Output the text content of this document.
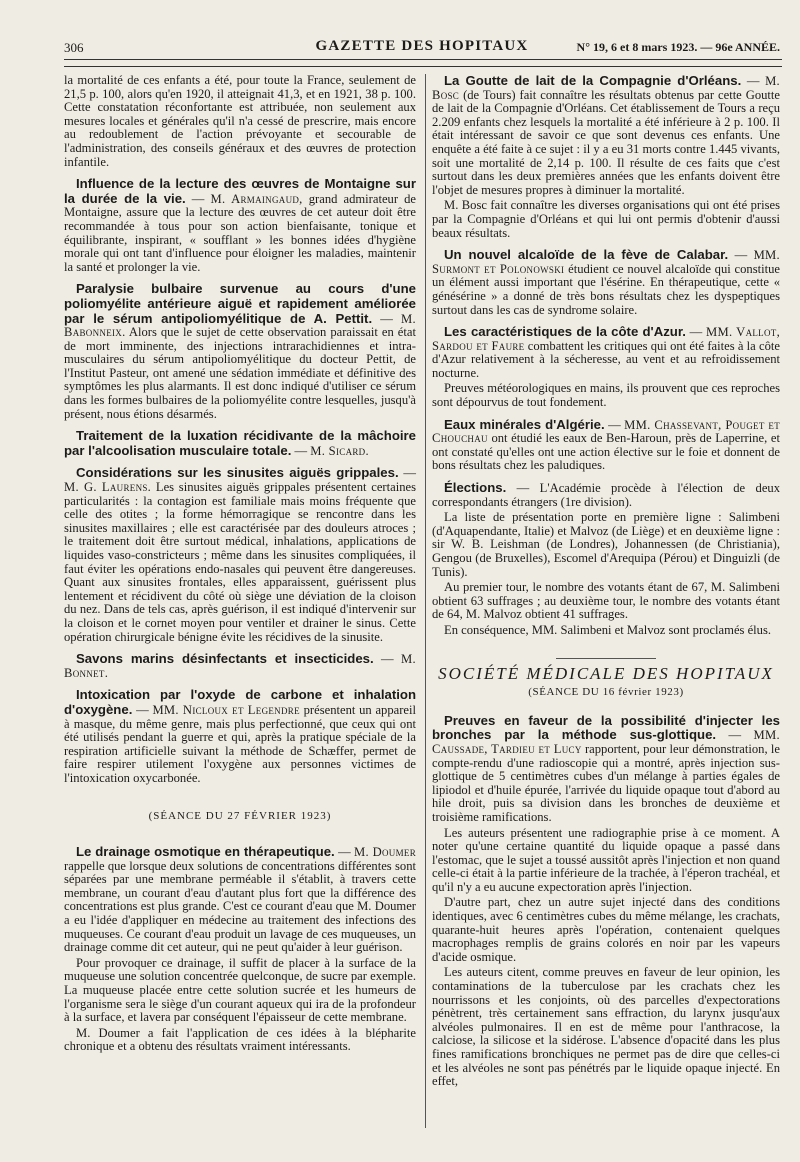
306	GAZETTE DES HOPITAUX	N° 19, 6 et 8 mars 1923. — 96e ANNÉE.

la mortalité de ces enfants a été, pour toute la France, seulement de 21,5 p. 100, alors qu'en 1920, il atteignait 41,3, et en 1921, 38 p. 100. Cette constatation réconfortante est attribuée, non seulement aux mesures locales et générales qu'il n'a cessé de prescrire, mais encore au redoublement de l'action prévoyante et secourable de l'administration, des conseils généraux et des œuvres de protection infantile.

Influence de la lecture des œuvres de Montaigne sur la durée de la vie. — M. Armaingaud, grand admirateur de Montaigne, assure que la lecture des œuvres de cet auteur doit être recommandée à tous pour son action bienfaisante, tonique et équilibrante, inspirant, « soufflant » les bonnes idées d'hygiène morale qui ont tant d'influence pour éloigner les maladies, maintenir la santé et prolonger la vie.

Paralysie bulbaire survenue au cours d'une poliomyélite antérieure aiguë et rapidement améliorée par le sérum antipoliomyélitique de A. Pettit. — M. Babonneix. Alors que le sujet de cette observation paraissait en état de mort imminente, des injections intrarachidiennes et intra-musculaires du sérum antipoliomyélitique du docteur Pettit, de l'Institut Pasteur, ont amené une sédation immédiate et définitive des symptômes les plus alarmants. Il est donc indiqué d'utiliser ce sérum dans les formes bulbaires de la poliomyélite contre lesquelles, jusqu'à présent, nous étions désarmés.

Traitement de la luxation récidivante de la mâchoire par l'alcoolisation musculaire totale. — M. Sicard.

Considérations sur les sinusites aiguës grippales. — M. G. Laurens. Les sinusites aiguës grippales présentent certaines particularités : la contagion est familiale mais moins fréquente que celle des otites ; la forme hémorragique se rencontre dans les sinusites maxillaires ; elle est caractérisée par des douleurs atroces ; le traitement doit être surtout médical, inhalations, applications de liquides vaso-constricteurs ; même dans les sinusites compliquées, il faut éviter les opérations endo-nasales qui peuvent être dangereuses. Quant aux sinusites frontales, elles apparaissent, guérissent plus lentement et récidivent du côté où siège une déviation de la cloison du nez. Dans de tels cas, après guérison, il est indiqué d'intervenir sur la cloison et le cornet moyen pour ventiler et drainer le sinus. Cette opération chirurgicale bénigne évite les récidives de la sinusite.

Savons marins désinfectants et insecticides. — M. Bonnet.

Intoxication par l'oxyde de carbone et inhalation d'oxygène. — MM. Nicloux et Legendre présentent un appareil à masque, du même genre, mais plus perfectionné, que ceux qui ont été utilisés pendant la guerre et qui, après la pratique spéciale de la respiration artificielle suivant la méthode de Schæffer, permet de faire respirer utilement l'oxygène aux personnes victimes de l'intoxication oxycarbonée.

(SÉANCE DU 27 FÉVRIER 1923)

Le drainage osmotique en thérapeutique. — M. Doumer rappelle que lorsque deux solutions de concentrations différentes sont séparées par une membrane perméable il s'établit, à travers cette membrane, un courant d'eau d'autant plus fort que la différence des concentrations est plus grande. C'est ce courant d'eau que M. Doumer a eu l'idée d'appliquer en médecine au traitement des infections des muqueuses. Ce courant d'eau produit un lavage de ces muqueuses, un drainage comme dit cet auteur, qui ne peut qu'aider à leur guérison.

Pour provoquer ce drainage, il suffit de placer à la surface de la muqueuse une solution concentrée quelconque, de sucre par exemple. La muqueuse placée entre cette solution sucrée et les humeurs de l'organisme sera le siège d'un courant aqueux qui ira de la profondeur à la surface, et lavera par conséquent l'épaisseur de cette membrane.

M. Doumer a fait l'application de ces idées à la blépharite chronique et a obtenu des résultats vraiment intéressants.

La Goutte de lait de la Compagnie d'Orléans. — M. Bosc (de Tours) fait connaître les résultats obtenus par cette Goutte de lait de la Compagnie d'Orléans. Cet établissement de Tours a reçu 2.209 enfants chez lesquels la mortalité a été inférieure à 2 p. 100. Il était intéressant de savoir ce que sont devenus ces enfants. Une enquête a été faite à ce sujet : il y a eu 31 morts contre 1.445 vivants, soit une mortalité de 2,14 p. 100. Il résulte de ces faits que c'est surtout dans les deux premières années que les enfants doivent être l'objet de mesures propres à diminuer la mortalité.

M. Bosc fait connaître les diverses organisations qui ont été prises par la Compagnie d'Orléans et qui lui ont permis d'obtenir d'aussi beaux résultats.

Un nouvel alcaloïde de la fève de Calabar. — MM. Surmont et Polonowski étudient ce nouvel alcaloïde qui constitue un élément aussi important que l'ésérine. En thérapeutique, cette « génésérine » a donné de très bons résultats chez les dyspeptiques surtout dans les cas de syndrome solaire.

Les caractéristiques de la côte d'Azur. — MM. Vallot, Sardou et Faure combattent les critiques qui ont été faites à la côte d'Azur relativement à la sécheresse, au vent et au refroidissement nocturne.

Preuves météorologiques en mains, ils prouvent que ces reproches sont dépourvus de tout fondement.

Eaux minérales d'Algérie. — MM. Chassevant, Pouget et Chouchau ont étudié les eaux de Ben-Haroun, près de Laperrine, et ont constaté qu'elles ont une action élective sur le foie et donnent de bons résultats chez les paludiques.

Élections. — L'Académie procède à l'élection de deux correspondants étrangers (1re division).

La liste de présentation porte en première ligne : Salimbeni (d'Aquapendante, Italie) et Malvoz (de Liège) et en deuxième ligne : sir W. B. Leishman (de Londres), Johannessen (de Christiania), Gengou (de Bruxelles), Escomel d'Arequipa (Pérou) et Dinguizli (de Tunis).

Au premier tour, le nombre des votants étant de 67, M. Salimbeni obtient 63 suffrages ; au deuxième tour, le nombre des votants étant de 64, M. Malvoz obtient 41 suffrages.

En conséquence, MM. Salimbeni et Malvoz sont proclamés élus.

SOCIÉTÉ MÉDICALE DES HOPITAUX
(SÉANCE DU 16 février 1923)

Preuves en faveur de la possibilité d'injecter les bronches par la méthode sus-glottique. — MM. Caussade, Tardieu et Lucy rapportent, pour leur démonstration, le compte-rendu d'une radioscopie qui a montré, après injection sus-glottique de 5 centimètres cubes d'un mélange à parties égales de lipiodol et d'huile épurée, l'arrivée du liquide opaque tout d'abord au hile droit, puis sa division dans les bronches de deuxième et troisième ramifications.

Les auteurs présentent une radiographie prise à ce moment. A noter qu'une certaine quantité du liquide opaque a passé dans l'estomac, que le sujet a toussé aussitôt après l'injection et non quand celle-ci était à la partie inférieure de la trachée, à l'éperon trachéal, et qu'il n'y a eu aucune expectoration après l'injection.

D'autre part, chez un autre sujet injecté dans des conditions identiques, avec 6 centimètres cubes du même mélange, les crachats, quarante-huit heures après l'opération, contenaient quelques macrophages remplis de grains colorés en noir par les vapeurs d'acide osmique.

Les auteurs citent, comme preuves en faveur de leur opinion, les contaminations de la tuberculose par les crachats chez les nourrissons et les conjoints, où des parcelles d'expectorations pénètrent, très certainement sans effraction, du larynx jusqu'aux alvéoles pulmonaires. Il en est de même pour l'anthracose, la calciose, la silicose et la sidérose. L'absence d'opacité dans les plus fines ramifications bronchiques ne permet pas de dire que celles-ci et les alvéoles ne sont pas pénétrés par le liquide opaque injecté. En effet,
